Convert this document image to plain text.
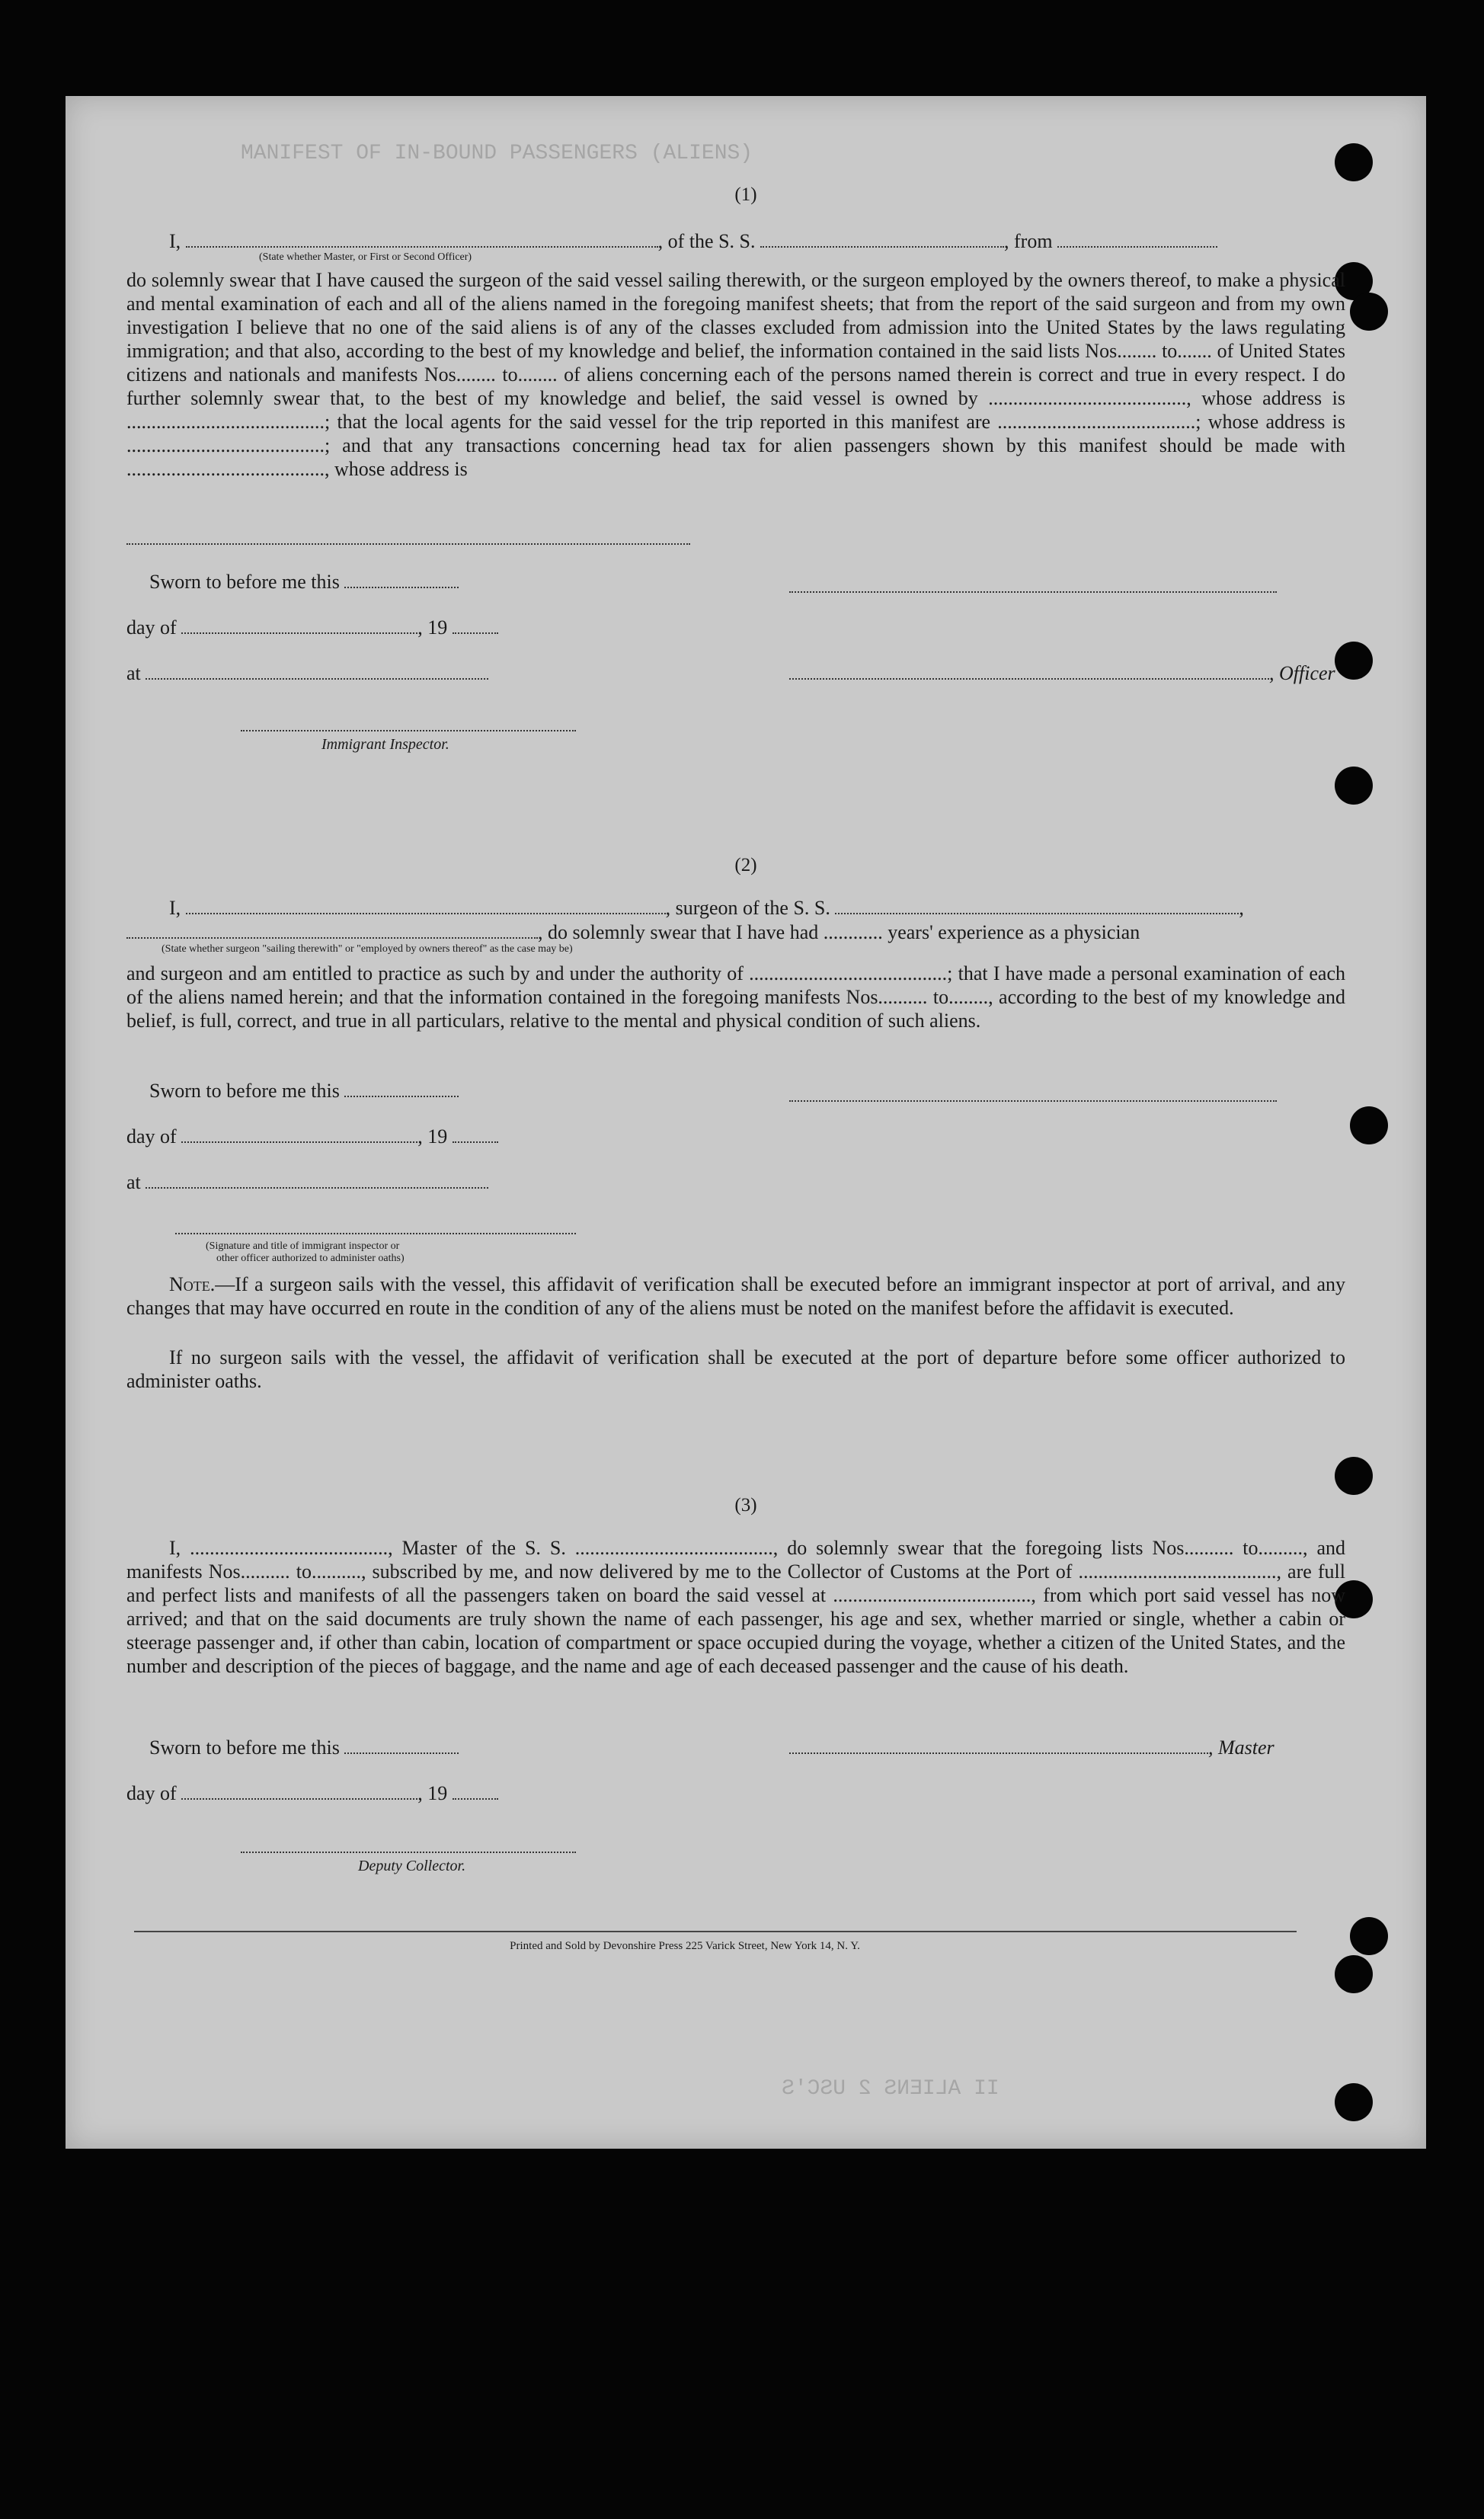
MANIFEST OF IN-BOUND PASSENGERS (ALIENS)
II ALIENS 2 USC'S
(1)
I,	, of the S. S.	, from
(State whether Master, or First or Second Officer)
do solemnly swear that I have caused the surgeon of the said vessel sailing therewith, or the surgeon employed by the owners thereof, to make a physical and mental examination of each and all of the aliens named in the foregoing manifest sheets; that from the report of the said surgeon and from my own investigation I believe that no one of the said aliens is of any of the classes excluded from admission into the United States by the laws regulating immigration; and that also, according to the best of my knowledge and belief, the information contained in the said lists Nos........ to....... of United States citizens and nationals and manifests Nos........ to........ of aliens concerning each of the persons named therein is correct and true in every respect. I do further solemnly swear that, to the best of my knowledge and belief, the said vessel is owned by ........................................, whose address is ........................................; that the local agents for the said vessel for the trip reported in this manifest are ........................................; whose address is ........................................; and that any transactions concerning head tax for alien passengers shown by this manifest should be made with ........................................, whose address is
Sworn to before me this
day of	, 19
at	, Officer
Immigrant Inspector.
(2)
I,	, surgeon of the S. S.	,
, do solemnly swear that I have had ............ years' experience as a physician
(State whether surgeon "sailing therewith" or "employed by owners thereof" as the case may be)
and surgeon and am entitled to practice as such by and under the authority of ........................................; that I have made a personal examination of each of the aliens named herein; and that the information contained in the foregoing manifests Nos.......... to........, according to the best of my knowledge and belief, is full, correct, and true in all particulars, relative to the mental and physical condition of such aliens.
Sworn to before me this
day of	, 19
at
(Signature and title of immigrant inspector or
other officer authorized to administer oaths)
Note.—If a surgeon sails with the vessel, this affidavit of verification shall be executed before an immigrant inspector at port of arrival, and any changes that may have occurred en route in the condition of any of the aliens must be noted on the manifest before the affidavit is executed.
If no surgeon sails with the vessel, the affidavit of verification shall be executed at the port of departure before some officer authorized to administer oaths.
(3)
I, ........................................, Master of the S. S. ........................................, do solemnly swear that the foregoing lists Nos.......... to........., and manifests Nos.......... to.........., subscribed by me, and now delivered by me to the Collector of Customs at the Port of ........................................, are full and perfect lists and manifests of all the passengers taken on board the said vessel at ........................................, from which port said vessel has now arrived; and that on the said documents are truly shown the name of each passenger, his age and sex, whether married or single, whether a cabin or steerage passenger and, if other than cabin, location of compartment or space occupied during the voyage, whether a citizen of the United States, and the number and description of the pieces of baggage, and the name and age of each deceased passenger and the cause of his death.
Sworn to before me this	, Master
day of	, 19
Deputy Collector.
Printed and Sold by Devonshire Press 225 Varick Street, New York 14, N. Y.
